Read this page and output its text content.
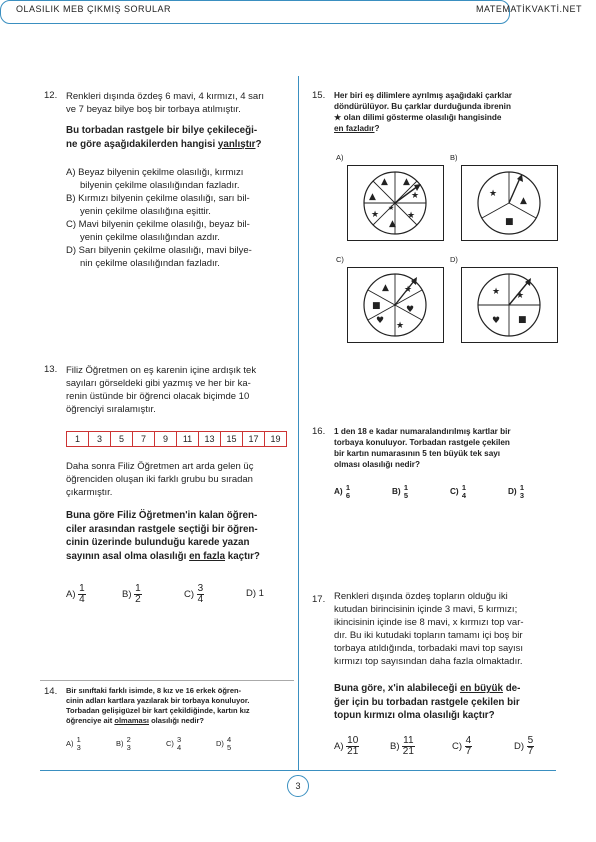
OLASILIK MEB ÇIKMIŞ SORULAR	MATEMATİKVAKTİ.NET
12. Renkleri dışında özdeş 6 mavi, 4 kırmızı, 4 sarı
ve 7 beyaz bilye boş bir torbaya atılmıştır.
Bu torbadan rastgele bir bilye çekileceği-
ne göre aşağıdakilerden hangisi yanlıştır?
A) Beyaz bilyenin çekilme olasılığı, kırmızı
bilyenin çekilme olasılığından fazladır.
B) Kırmızı bilyenin çekilme olasılığı, sarı bil-
yenin çekilme olasılığına eşittir.
C) Mavi bilyenin çekilme olasılığı, beyaz bil-
yenin çekilme olasılığından azdır.
D) Sarı bilyenin çekilme olasılığı, mavi bilye-
nin çekilme olasılığından fazladır.
13. Filiz Öğretmen on eş karenin içine ardışık tek
sayıları görseldeki gibi yazmış ve her bir ka-
renin üstünde bir öğrenci olacak biçimde 10
öğrenciyi sıralamıştır.
1	3	5	7	9	11	13	15	17	19
Daha sonra Filiz Öğretmen art arda gelen üç
öğrenciden oluşan iki farklı grubu bu sıradan
çıkarmıştır.
Buna göre Filiz Öğretmen'in kalan öğren-
ciler arasından rastgele seçtiği bir öğren-
cinin üzerinde bulunduğu karede yazan
sayının asal olma olasılığı en fazla kaçtır?
$A) \frac{1}{4}$	$B) \frac{1}{2}$	$C) \frac{3}{4}$	D) 1
14. Bir sınıftaki farklı isimde, 8 kız ve 16 erkek öğren-
cinin adları kartlara yazılarak bir torbaya konuluyor.
Torbadan gelişigüzel bir kart çekildiğinde, kartın kız
öğrenciye ait olmaması olasılığı nedir?
A) 1
3	B) 2
3	C) 3
4	D) 4
5
15. Her biri eş dilimlere ayrılmış aşağıdaki çarklar
döndürülüyor. Bu çarklar durduğunda ibrenin
★ olan dilimi gösterme olasılığı hangisinde
en fazladır?
A)	B)
C)	D)
▲ ▲
★
★
▲
★
▲
★
★
▲
■
▲ ★
♥
★
♥
■
★ ★
♥ ■
16. 1 den 18 e kadar numaralandırılmış kartlar bir
torbaya konuluyor. Torbadan rastgele çekilen
bir kartın numarasının 5 ten büyük tek sayı
olması olasılığı nedir?
A) 1
6	B) 1
5	C) 1
4	D) 1
3
17. Renkleri dışında özdeş topların olduğu iki
kutudan birincisinin içinde 3 mavi, 5 kırmızı;
ikincisinin içinde ise 8 mavi, x kırmızı top var-
dır. Bu iki kutudaki topların tamamı içi boş bir
torbaya atıldığında, torbadaki mavi top sayısı
kırmızı top sayısından daha fazla olmaktadır.
Buna göre, x'in alabileceği en büyük de-
ğer için bu torbadan rastgele çekilen bir
topun kırmızı olma olasılığı kaçtır?
$A) \frac{10}{21}$	$B) \frac{11}{21}$	$C) \frac{4}{7}$	$D) \frac{5}{7}$
3
